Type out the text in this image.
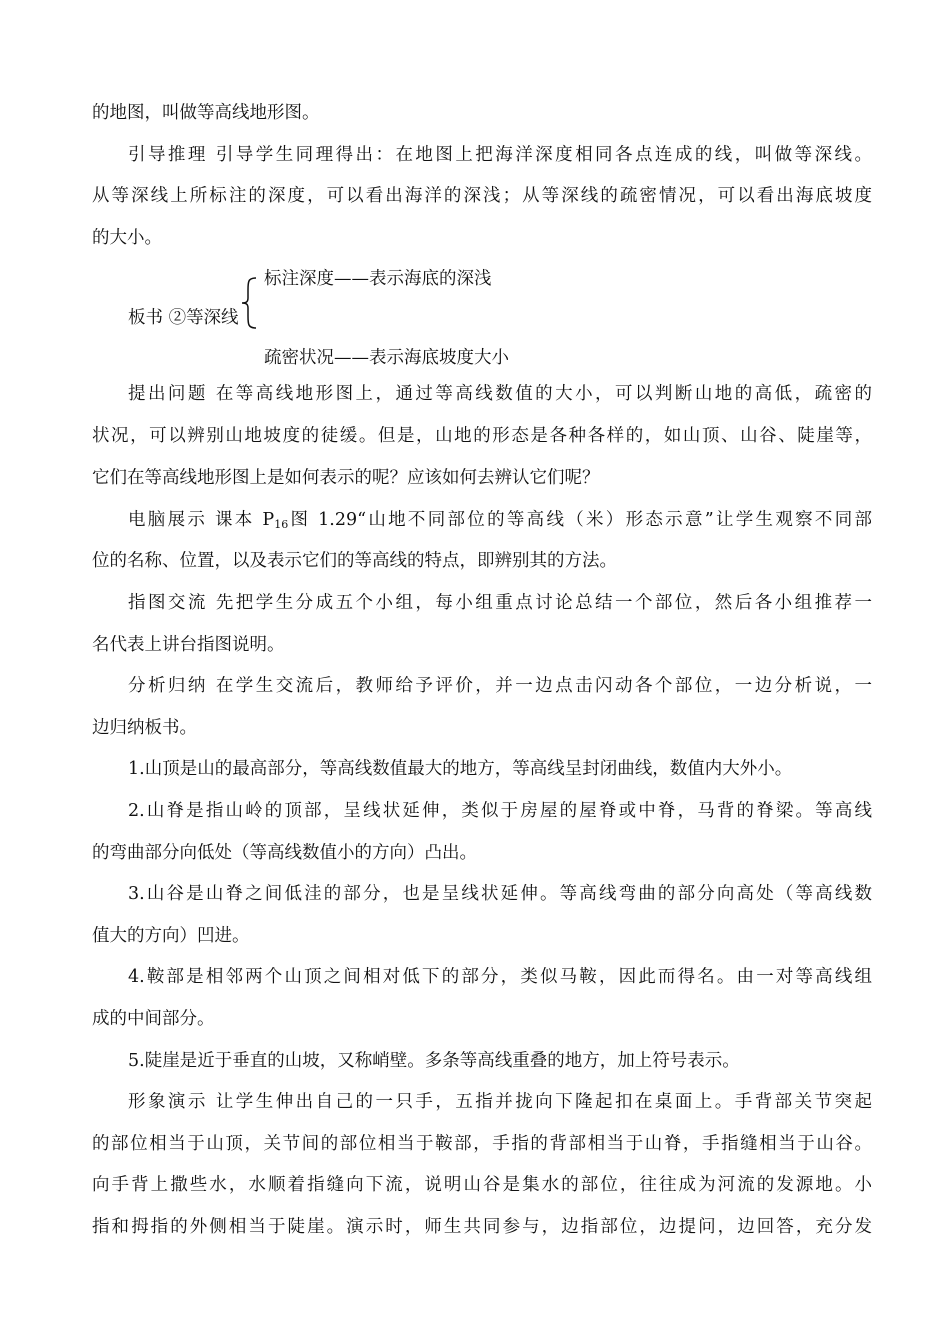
的地图，叫做等高线地形图。
引导推理 引导学生同理得出：在地图上把海洋深度相同各点连成的线，叫做等深线。
从等深线上所标注的深度，可以看出海洋的深浅；从等深线的疏密情况，可以看出海底坡度
的大小。
标注深度——表示海底的深浅
板书 ②等深线
疏密状况——表示海底坡度大小
提出问题 在等高线地形图上，通过等高线数值的大小，可以判断山地的高低，疏密的
状况，可以辨别山地坡度的徒缓。但是，山地的形态是各种各样的，如山顶、山谷、陡崖等，
它们在等高线地形图上是如何表示的呢？应该如何去辨认它们呢？
电脑展示 课本 $P_{16}$图 1.29“山地不同部位的等高线（米）形态示意”让学生观察不同部
位的名称、位置，以及表示它们的等高线的特点，即辨别其的方法。
指图交流 先把学生分成五个小组，每小组重点讨论总结一个部位，然后各小组推荐一
名代表上讲台指图说明。
分析归纳 在学生交流后，教师给予评价，并一边点击闪动各个部位，一边分析说，一
边归纳板书。
1.山顶是山的最高部分，等高线数值最大的地方，等高线呈封闭曲线，数值内大外小。
2.山脊是指山岭的顶部，呈线状延伸，类似于房屋的屋脊或中脊，马背的脊梁。等高线
的弯曲部分向低处（等高线数值小的方向）凸出。
3.山谷是山脊之间低洼的部分，也是呈线状延伸。等高线弯曲的部分向高处（等高线数
值大的方向）凹进。
4.鞍部是相邻两个山顶之间相对低下的部分，类似马鞍，因此而得名。由一对等高线组
成的中间部分。
5.陡崖是近于垂直的山坡，又称峭壁。多条等高线重叠的地方，加上符号表示。
形象演示 让学生伸出自己的一只手，五指并拢向下隆起扣在桌面上。手背部关节突起
的部位相当于山顶，关节间的部位相当于鞍部，手指的背部相当于山脊，手指缝相当于山谷。
向手背上撒些水，水顺着指缝向下流，说明山谷是集水的部位，往往成为河流的发源地。小
指和拇指的外侧相当于陡崖。演示时，师生共同参与，边指部位，边提问，边回答，充分发
